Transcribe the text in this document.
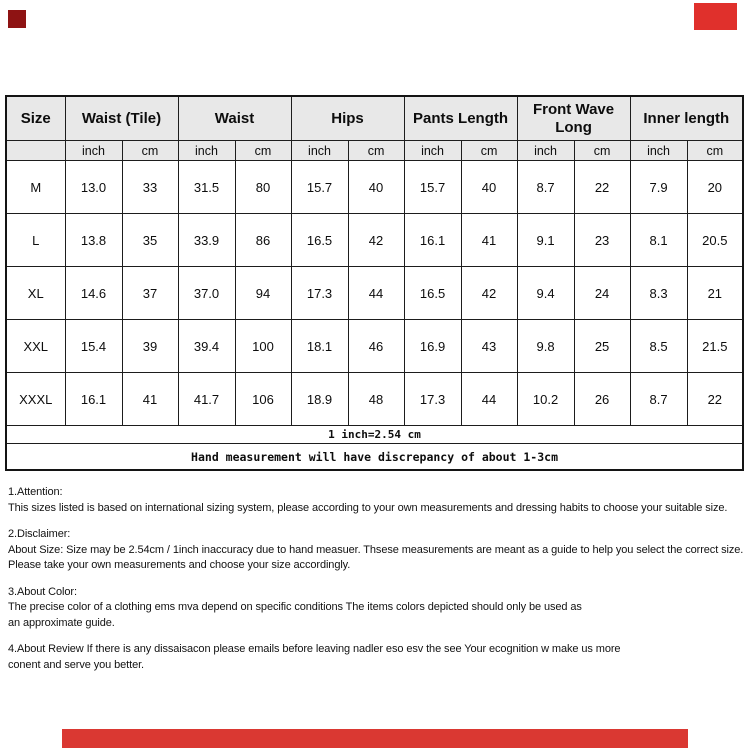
Size	Waist (Tile)		Waist		Hips		Pants Length		Front Wave Long		Inner length	
	inch	cm	inch	cm	inch	cm	inch	cm	inch	cm	inch	cm
M	13.0	33	31.5	80	15.7	40	15.7	40	8.7	22	7.9	20
L	13.8	35	33.9	86	16.5	42	16.1	41	9.1	23	8.1	20.5
XL	14.6	37	37.0	94	17.3	44	16.5	42	9.4	24	8.3	21
XXL	15.4	39	39.4	100	18.1	46	16.9	43	9.8	25	8.5	21.5
XXXL	16.1	41	41.7	106	18.9	48	17.3	44	10.2	26	8.7	22
1 inch=2.54 cm												
Hand measurement will have discrepancy of about 1-3cm												
1.Attention:
This sizes listed is based on international sizing system, please according to your own measurements and dressing habits to choose your suitable size.
2.Disclaimer:
About Size: Size may be 2.54cm / 1inch inaccuracy due to hand measuer. Thsese measurements are meant as a guide to help you select the correct size.
Please take your own measurements and choose your size accordingly.
3.About Color:
The precise color of a clothing ems mva depend on specific conditions The items colors depicted should only be used as
an approximate guide.
4.About Review If there is any dissaisacon please emails before leaving nadler eso esv the see Your ecognition w make us more
conent and serve you better.
